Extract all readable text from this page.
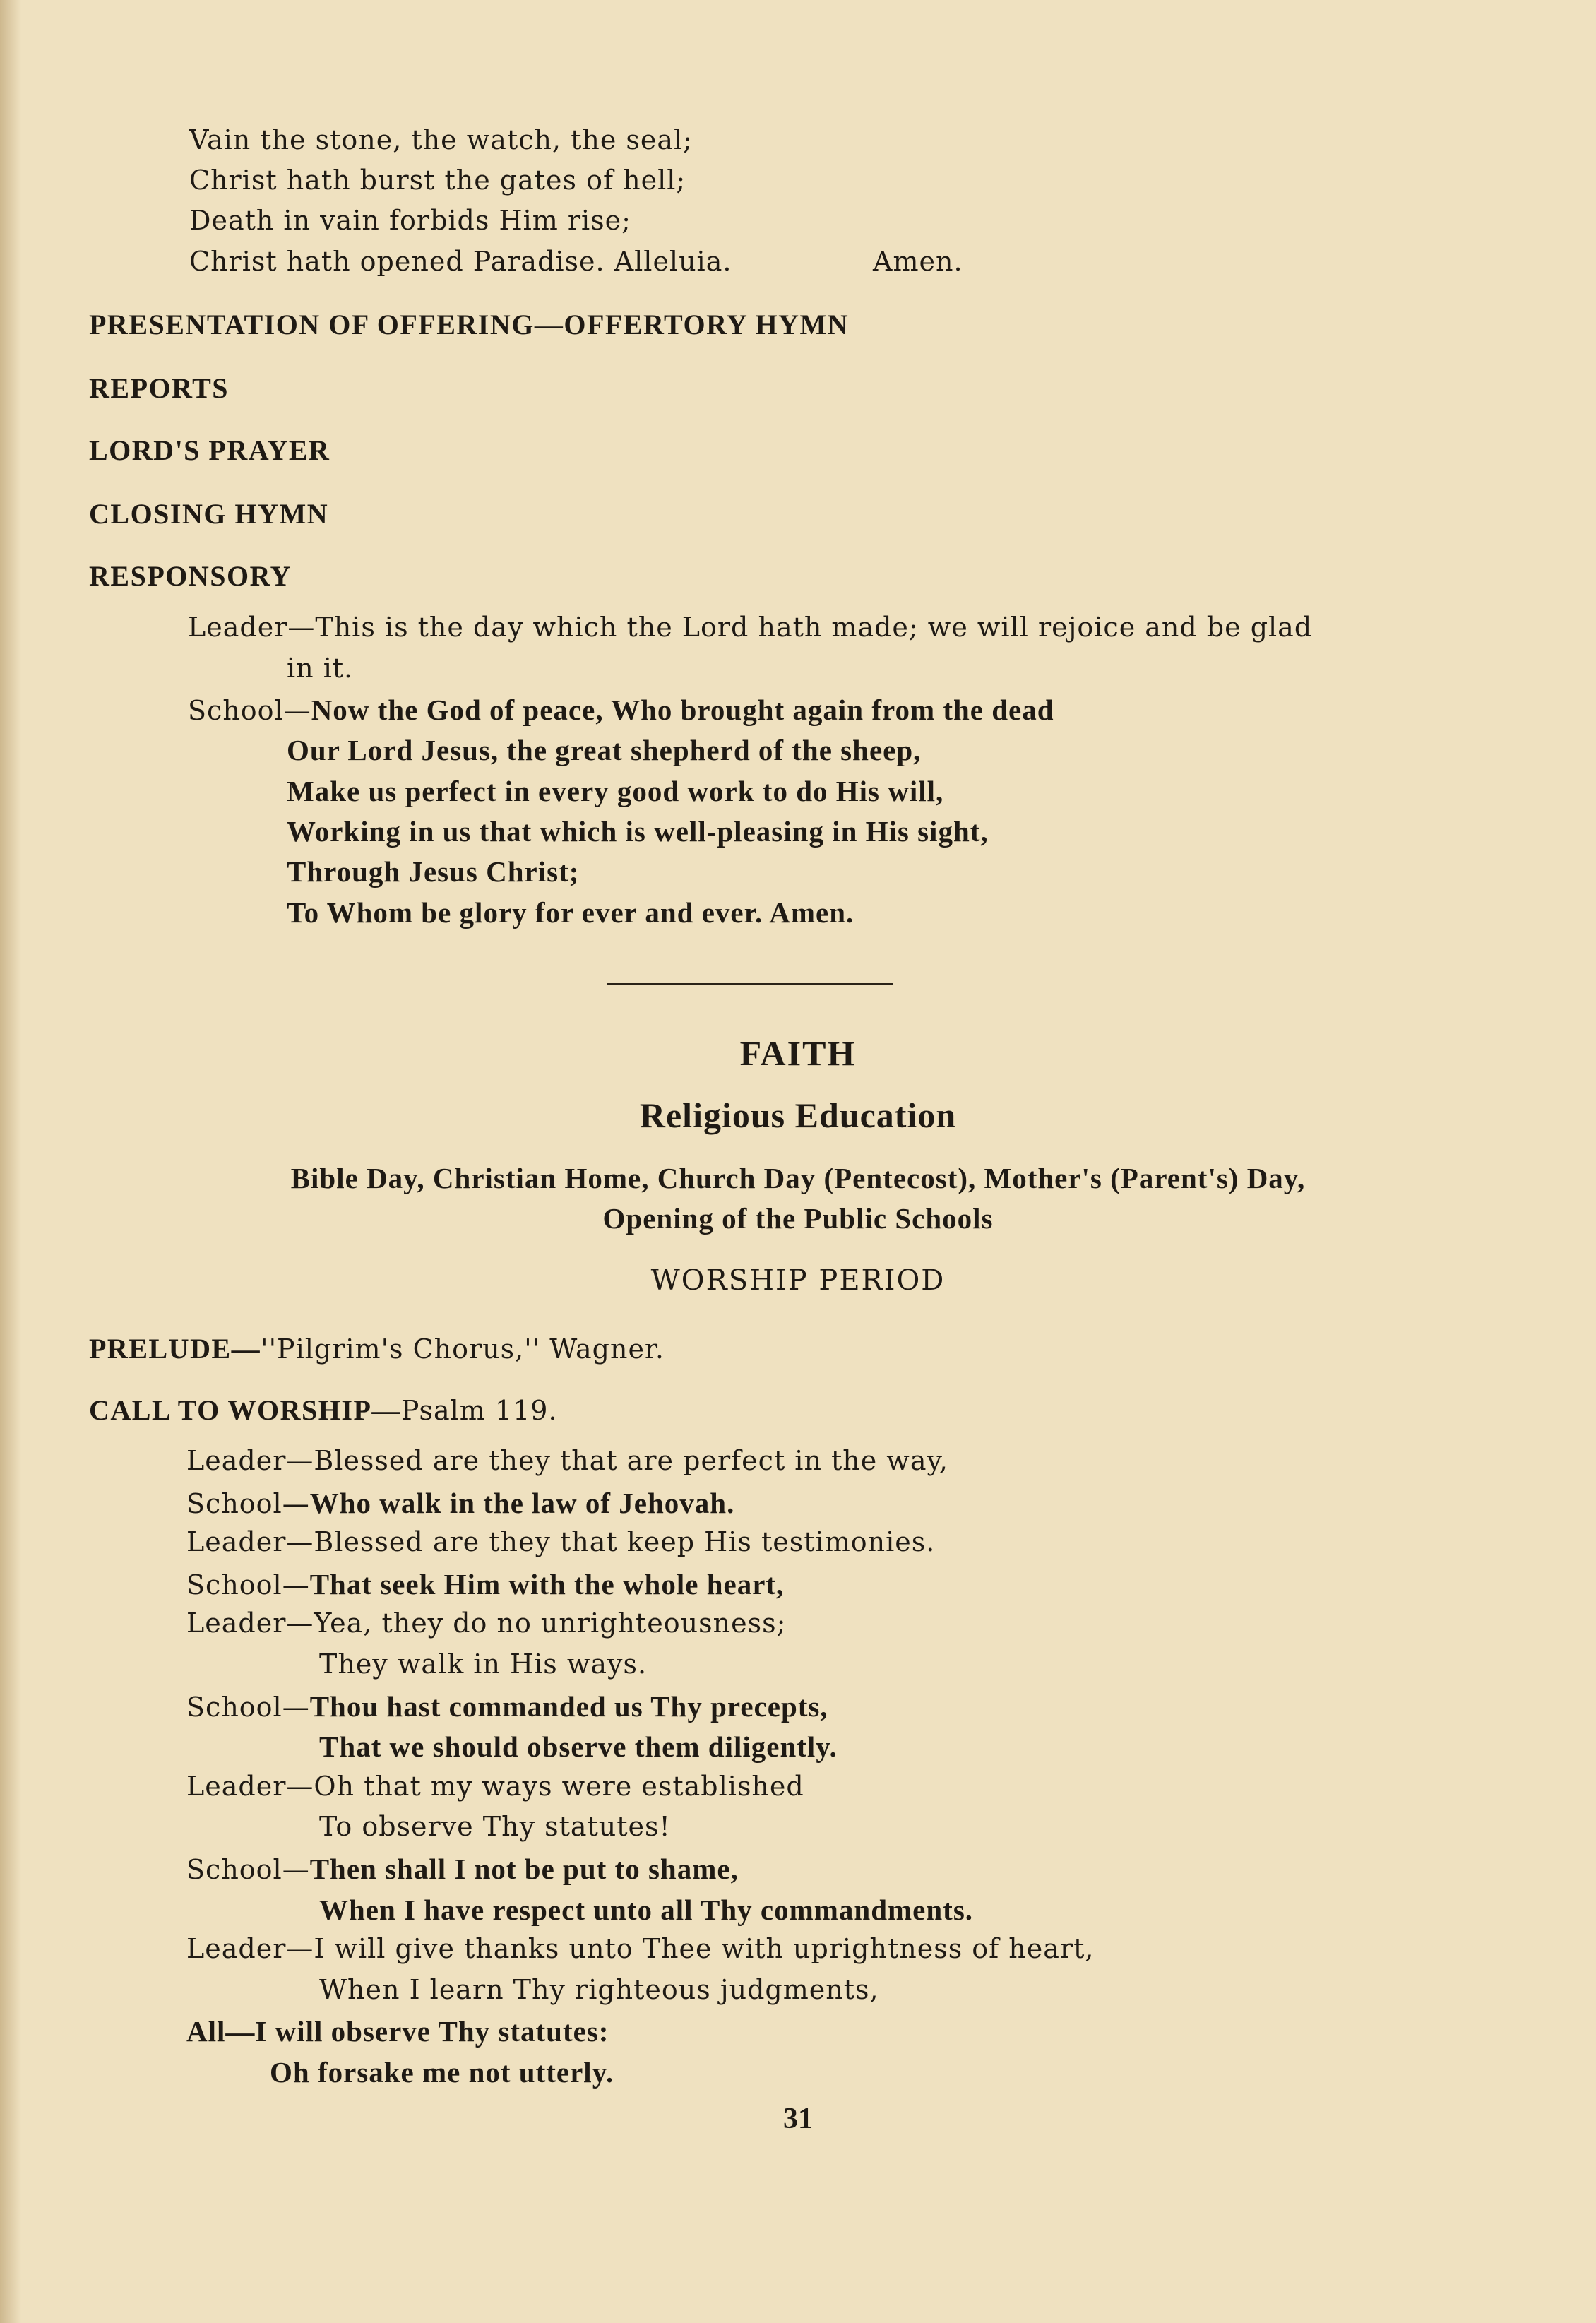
Vain the stone, the watch, the seal;
Christ hath burst the gates of hell;
Death in vain forbids Him rise;
Christ hath opened Paradise. Alleluia.	Amen.
PRESENTATION OF OFFERING—OFFERTORY HYMN
REPORTS
LORD'S PRAYER
CLOSING HYMN
RESPONSORY
Leader—This is the day which the Lord hath made; we will rejoice and be glad
in it.
School—Now the God of peace, Who brought again from the dead
Our Lord Jesus, the great shepherd of the sheep,
Make us perfect in every good work to do His will,
Working in us that which is well-pleasing in His sight,
Through Jesus Christ;
To Whom be glory for ever and ever. Amen.
FAITH
Religious Education
Bible Day, Christian Home, Church Day (Pentecost), Mother's (Parent's) Day,
Opening of the Public Schools
WORSHIP PERIOD
PRELUDE—''Pilgrim's Chorus,'' Wagner.
CALL TO WORSHIP—Psalm 119.
Leader—Blessed are they that are perfect in the way,
School—Who walk in the law of Jehovah.
Leader—Blessed are they that keep His testimonies.
School—That seek Him with the whole heart,
Leader—Yea, they do no unrighteousness;
They walk in His ways.
School—Thou hast commanded us Thy precepts,
That we should observe them diligently.
Leader—Oh that my ways were established
To observe Thy statutes!
School—Then shall I not be put to shame,
When I have respect unto all Thy commandments.
Leader—I will give thanks unto Thee with uprightness of heart,
When I learn Thy righteous judgments,
All—I will observe Thy statutes:
Oh forsake me not utterly.
31
